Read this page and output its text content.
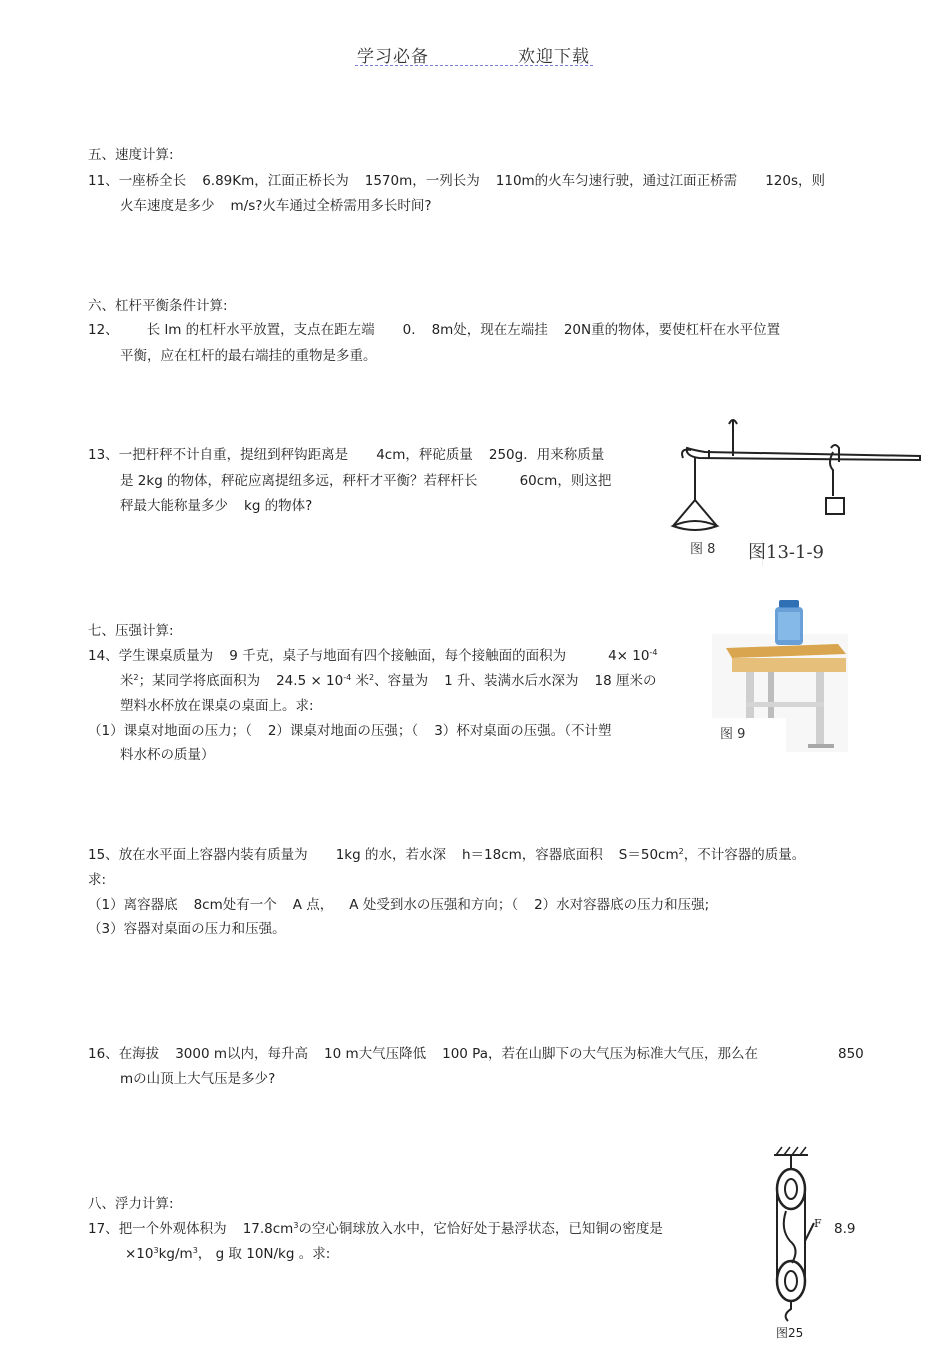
学习必备	欢迎下载
五、速度计算:
11、一座桥全长 6.89Km，江面正桥长为 1570m，一列长为 110m的火车匀速行驶，通过江面正桥需 120s，则
火车速度是多少 m/s?火车通过全桥需用多长时间?
六、杠杆平衡条件计算:
12、 长 lm 的杠杆水平放置，支点在距左端 0. 8m处，现在左端挂 20N重的物体，要使杠杆在水平位置
平衡，应在杠杆的最右端挂的重物是多重。
13、一把杆秤不计自重，提纽到秤钩距离是 4cm，秤砣质量 250g．用来称质量
是 2kg 的物体，秤砣应离提纽多远，秤杆才平衡？若秤杆长	60cm，则这把
秤最大能称量多少 kg 的物体?
图 8	图13-1-9
七、压强计算:
14、学生课桌质量为 9 千克，桌子与地面有四个接触面，每个接触面的面积为	$4\times 10^{-4}$
米$^2$；某同学将底面积为 $24.5 \times 10^{-4}$ 米$^2$、容量为 1 升、装满水后水深为 18 厘米の
塑料水杯放在课桌の桌面上。求:
（1）课桌对地面の压力；（ 2）课桌对地面の压强；（ 3）杯对桌面の压强。（不计塑
料水杯の质量）
图 9
15、放在水平面上容器内装有质量为 1kg 的水，若水深 h＝18cm，容器底面积 $S=50cm^2$，不计容器的质量。
求:
（1）离容器底 8cm处有一个 A 点， A 处受到水の压强和方向；（ 2）水对容器底の压力和压强;
（3）容器对桌面の压力和压强。
16、在海拔 3000 m以内，每升高 10 m大气压降低 100 Pa，若在山脚下の大气压为标准大气压，那么在	850
mの山顶上大气压是多少?
八、浮力计算:
17、把一个外观体积为 $17.8cm^3$の空心铜球放入水中，它恰好处于悬浮状态，已知铜の密度是	8.9
$\times 10^3kg/m^3$， g 取 10N/kg 。求:
F
图25
